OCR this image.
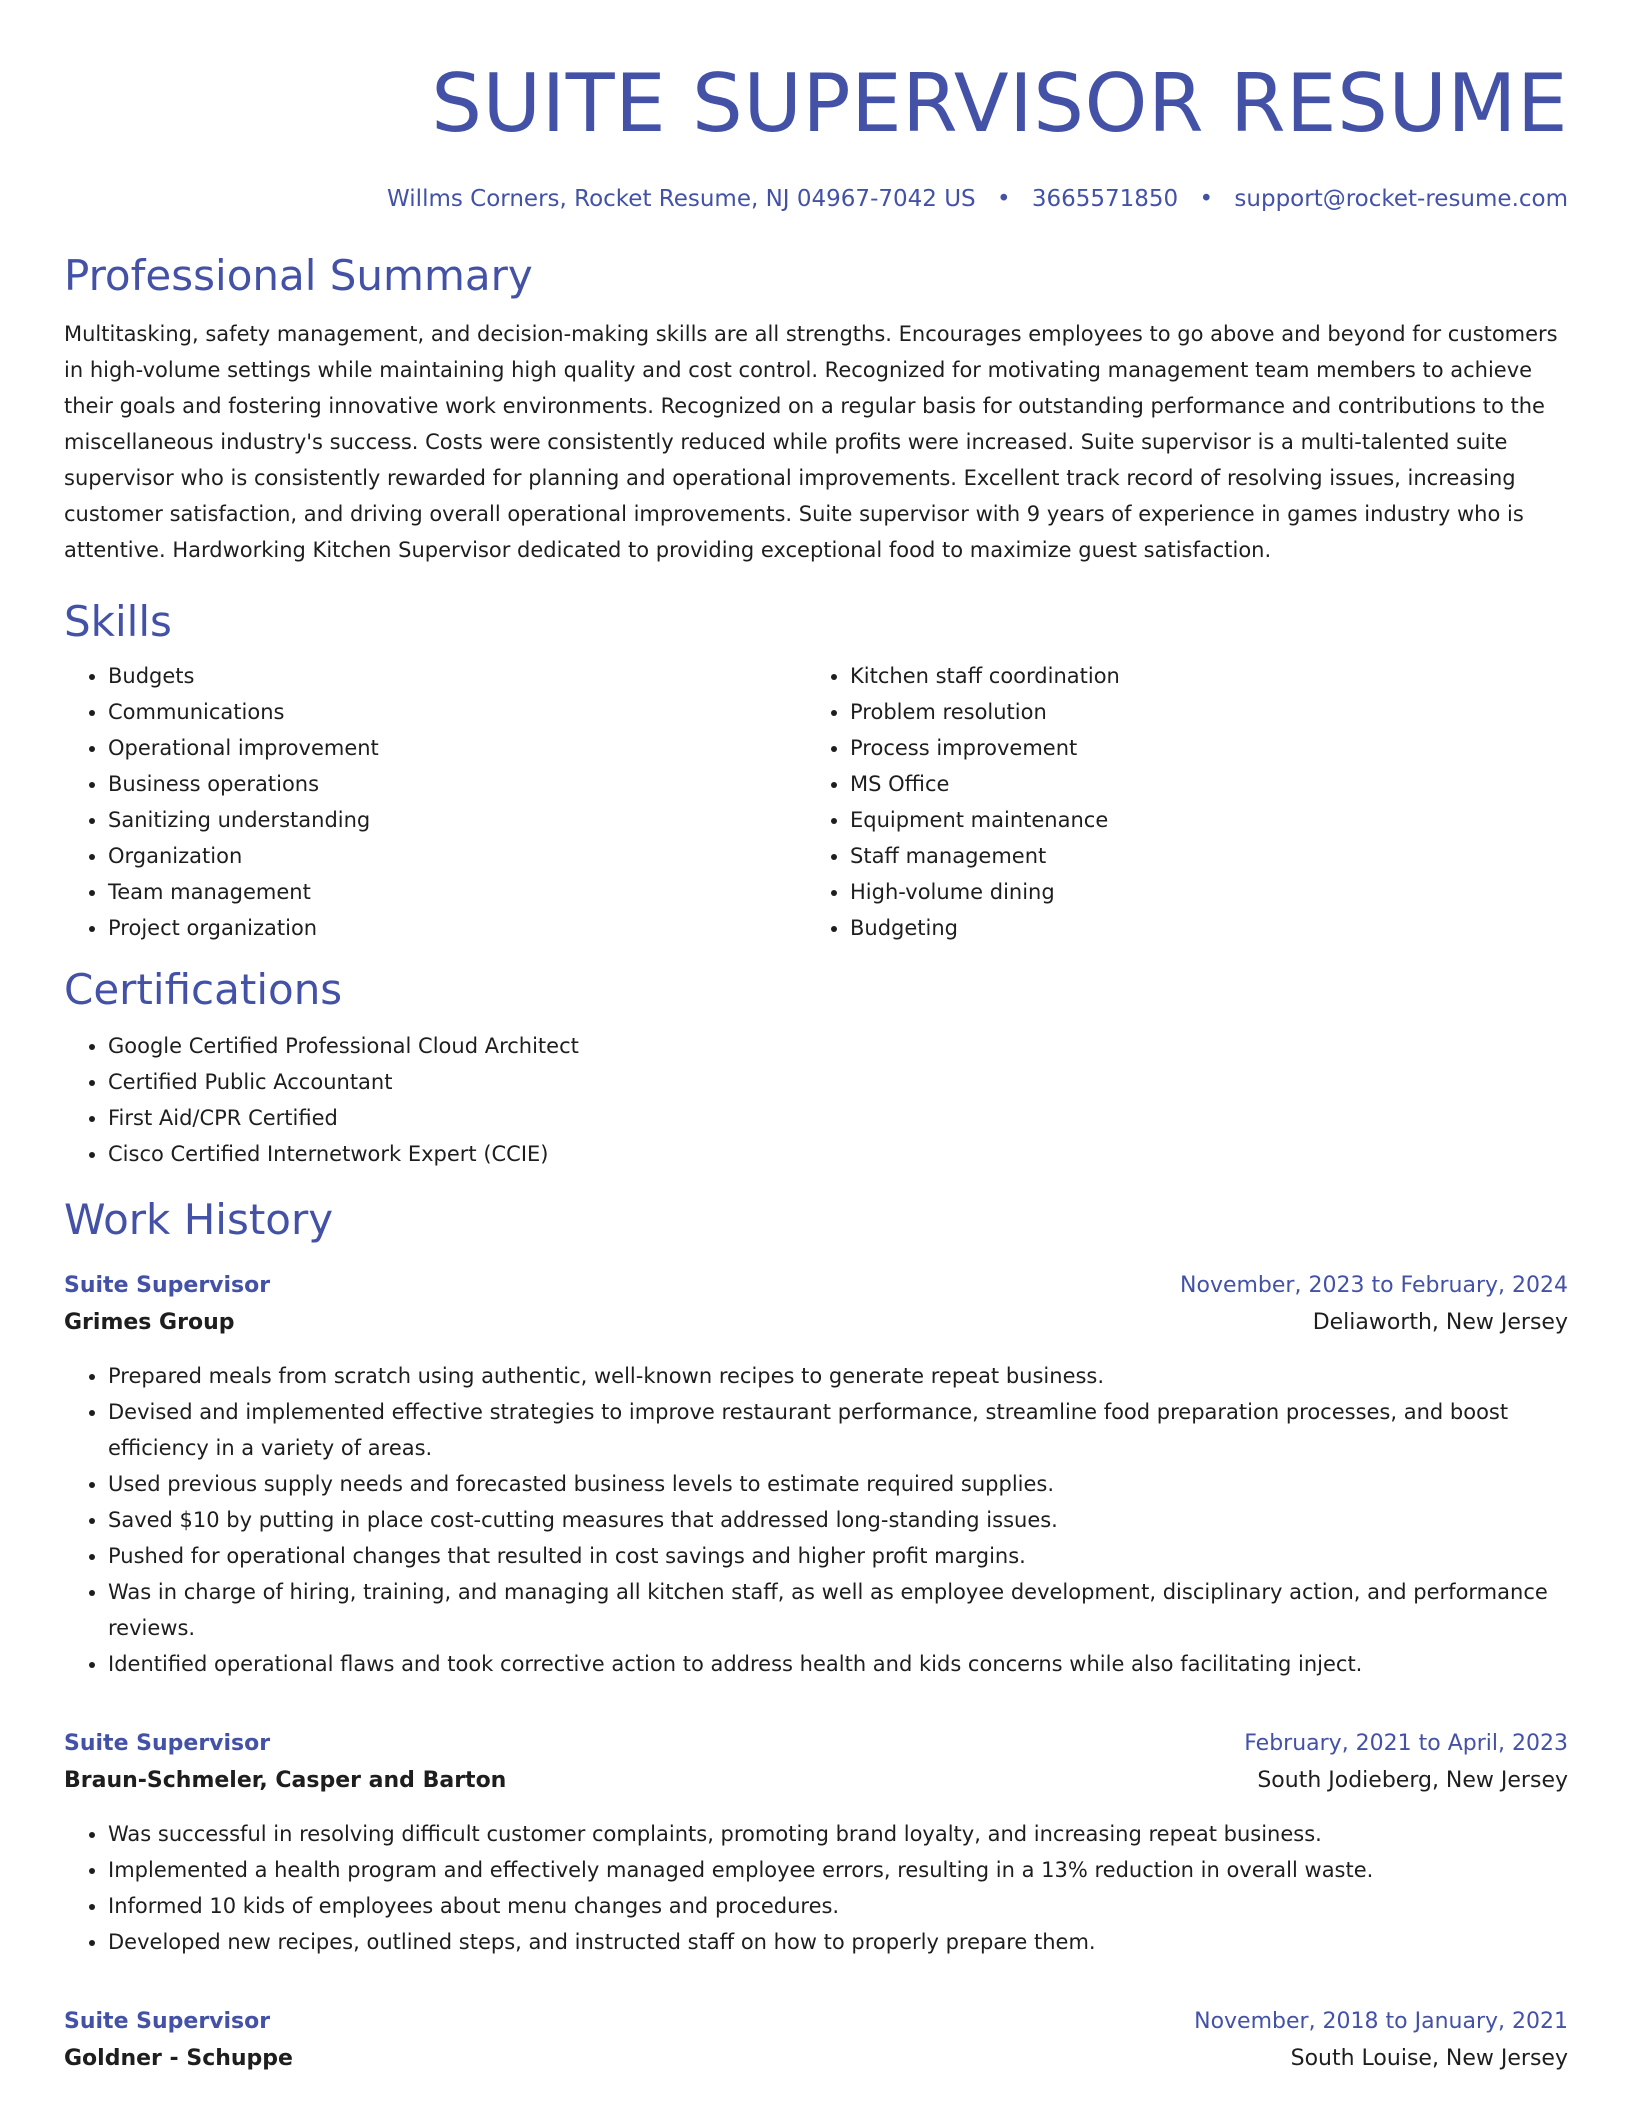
SUITE SUPERVISOR RESUME
Willms Corners, Rocket Resume, NJ 04967-7042 US • 3665571850 • support@rocket-resume.com
Professional Summary

Multitasking, safety management, and decision-making skills are all strengths. Encourages employees to go above and beyond for customers in high-volume settings while maintaining high quality and cost control. Recognized for motivating management team members to achieve their goals and fostering innovative work environments. Recognized on a regular basis for outstanding performance and contributions to the miscellaneous industry's success. Costs were consistently reduced while profits were increased. Suite supervisor is a multi-talented suite supervisor who is consistently rewarded for planning and operational improvements. Excellent track record of resolving issues, increasing customer satisfaction, and driving overall operational improvements. Suite supervisor with 9 years of experience in games industry who is attentive. Hardworking Kitchen Supervisor dedicated to providing exceptional food to maximize guest satisfaction.

Skills
• Budgets
• Communications
• Operational improvement
• Business operations
• Sanitizing understanding
• Organization
• Team management
• Project organization
• Kitchen staff coordination
• Problem resolution
• Process improvement
• MS Office
• Equipment maintenance
• Staff management
• High-volume dining
• Budgeting
Certifications
• Google Certified Professional Cloud Architect
• Certified Public Accountant
• First Aid/CPR Certified
• Cisco Certified Internetwork Expert (CCIE)
Work History
Suite Supervisor	November, 2023 to February, 2024
Grimes Group	Deliaworth, New Jersey
• Prepared meals from scratch using authentic, well-known recipes to generate repeat business.
• Devised and implemented effective strategies to improve restaurant performance, streamline food preparation processes, and boost efficiency in a variety of areas.
• Used previous supply needs and forecasted business levels to estimate required supplies.
• Saved $10 by putting in place cost-cutting measures that addressed long-standing issues.
• Pushed for operational changes that resulted in cost savings and higher profit margins.
• Was in charge of hiring, training, and managing all kitchen staff, as well as employee development, disciplinary action, and performance reviews.
• Identified operational flaws and took corrective action to address health and kids concerns while also facilitating inject.
Suite Supervisor	February, 2021 to April, 2023
Braun-Schmeler, Casper and Barton	South Jodieberg, New Jersey
• Was successful in resolving difficult customer complaints, promoting brand loyalty, and increasing repeat business.
• Implemented a health program and effectively managed employee errors, resulting in a 13% reduction in overall waste.
• Informed 10 kids of employees about menu changes and procedures.
• Developed new recipes, outlined steps, and instructed staff on how to properly prepare them.
Suite Supervisor	November, 2018 to January, 2021
Goldner - Schuppe	South Louise, New Jersey
